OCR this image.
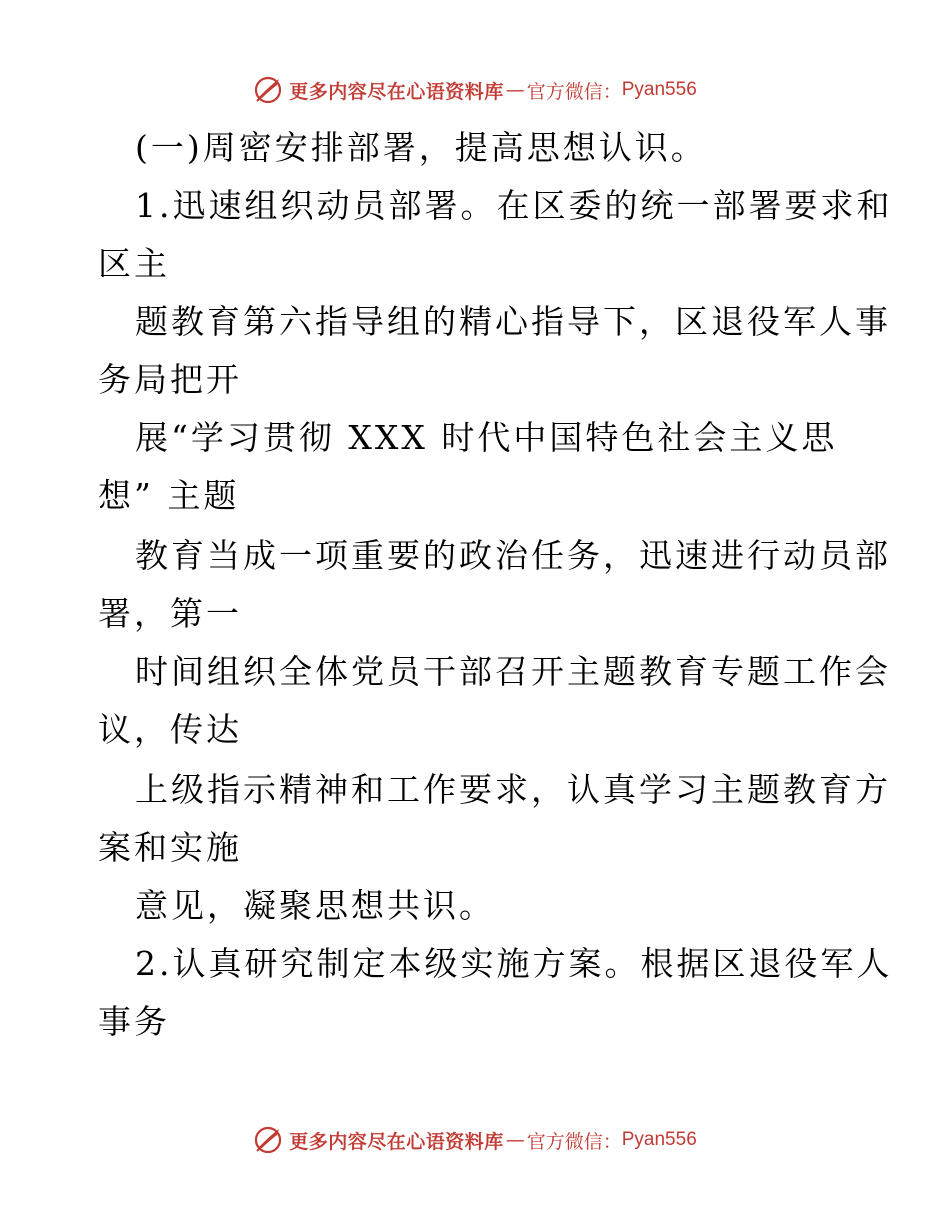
更多内容尽在心语资料库 — 官方微信： Pyan556
(一)周密安排部署，提高思想认识。
1.迅速组织动员部署。在区委的统一部署要求和
区主
题教育第六指导组的精心指导下，区退役军人事
务局把开
展“学习贯彻 XXX 时代中国特色社会主义思
想” 主题
教育当成一项重要的政治任务，迅速进行动员部
署，第一
时间组织全体党员干部召开主题教育专题工作会
议，传达
上级指示精神和工作要求，认真学习主题教育方
案和实施
意见，凝聚思想共识。
2.认真研究制定本级实施方案。根据区退役军人
事务
更多内容尽在心语资料库 — 官方微信： Pyan556
